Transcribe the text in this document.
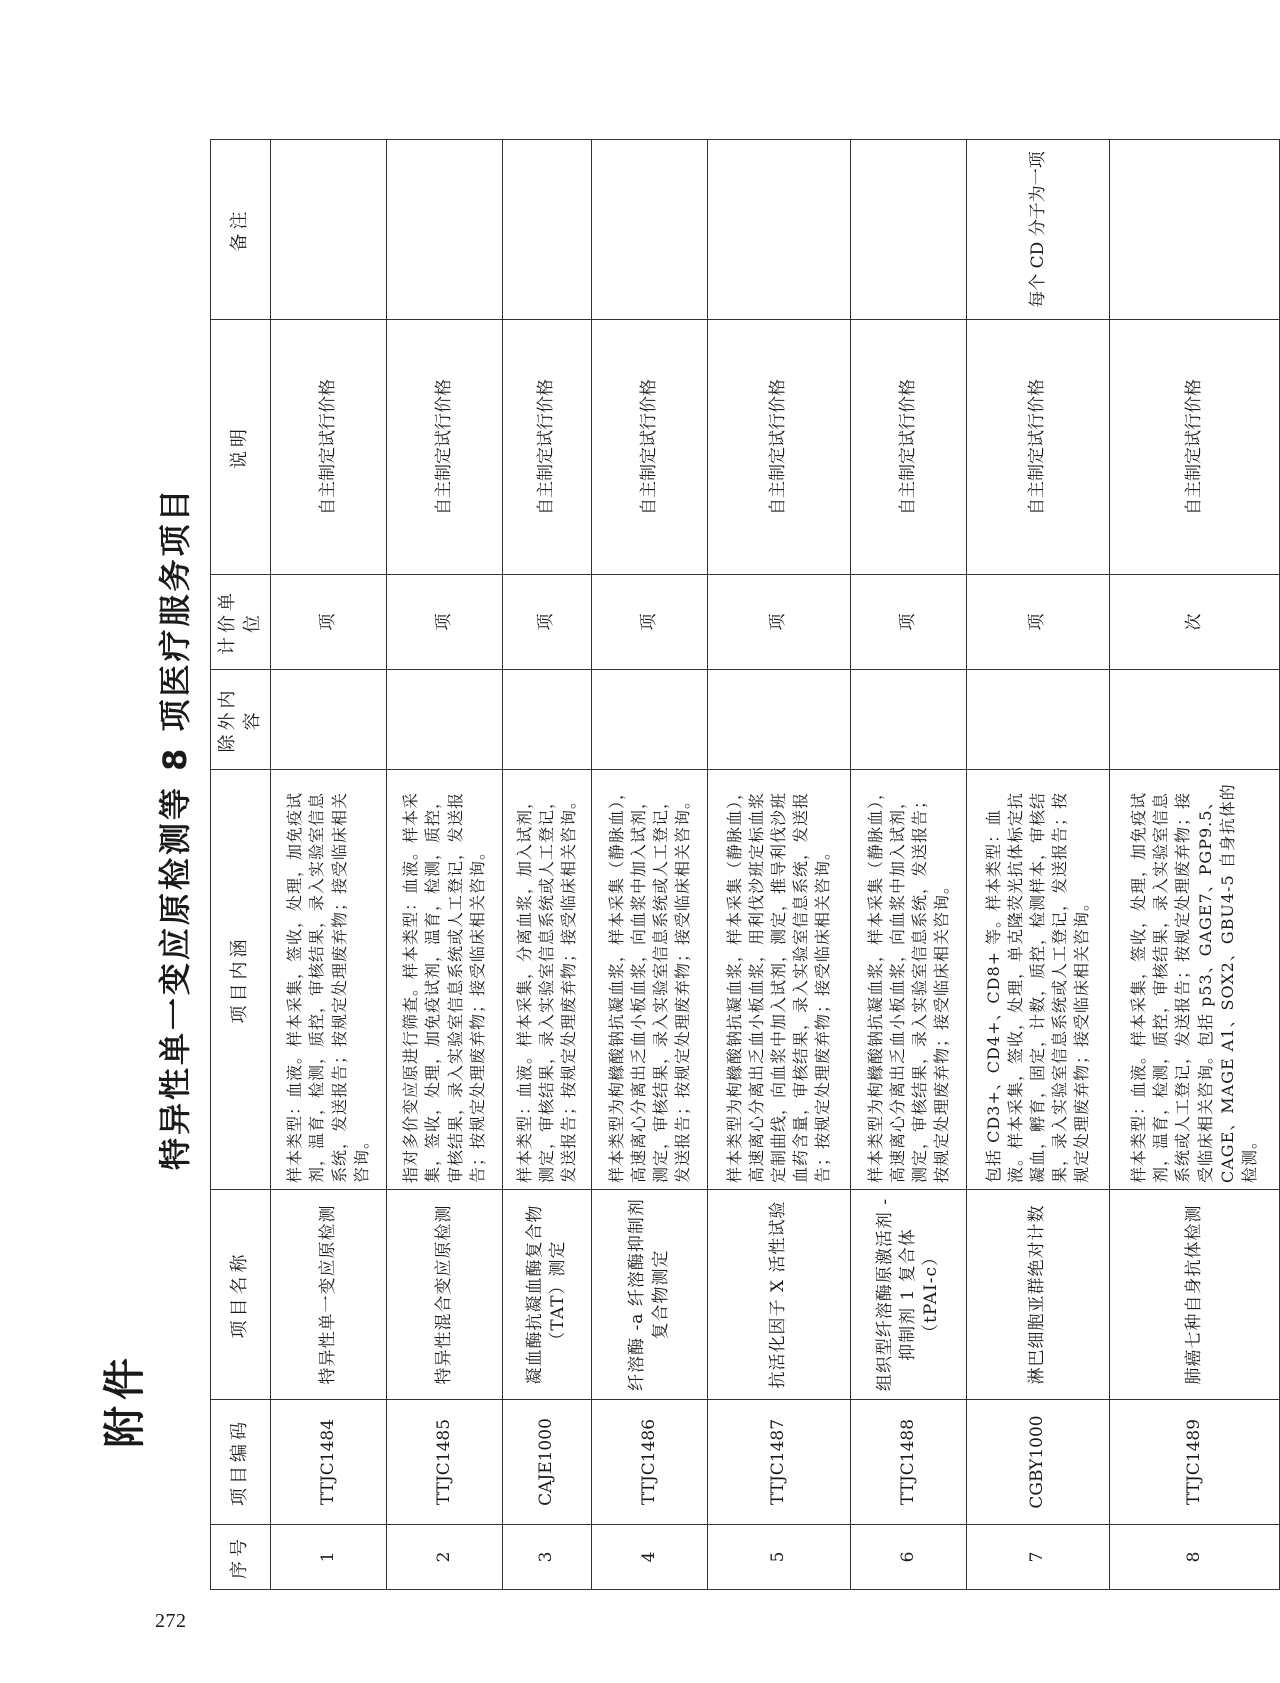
272
附件
特异性单一变应原检测等 8 项医疗服务项目
序号	项目编码	项目名称	项目内涵	除外内容	计价单位	说明	备注
1	TTJC1484	特异性单一变应原检测	样本类型：血液。样本采集，签收，处理，加免疫试剂，温育，检测，质控，审核结果，录入实验室信息系统，发送报告；按规定处理废弃物；接受临床相关咨询。		项	自主制定试行价格	
2	TTJC1485	特异性混合变应原检测	指对多价变应原进行筛查。样本类型：血液。样本采集，签收，处理，加免疫试剂，温育，检测，质控，审核结果，录入实验室信息系统或人工登记，发送报告；按规定处理废弃物；接受临床相关咨询。		项	自主制定试行价格	
3	CAJE1000	凝血酶抗凝血酶复合物（TAT）测定	样本类型：血液。样本采集，分离血浆，加入试剂，测定，审核结果，录入实验室信息系统或人工登记，发送报告；按规定处理废弃物；接受临床相关咨询。		项	自主制定试行价格	
4	TTJC1486	纤溶酶 -a 纤溶酶抑制剂复合物测定	样本类型为枸橼酸钠抗凝血浆，样本采集（静脉血），高速离心分离出乏血小板血浆，向血浆中加入试剂，测定，审核结果，录入实验室信息系统或人工登记，发送报告；按规定处理废弃物；接受临床相关咨询。		项	自主制定试行价格	
5	TTJC1487	抗活化因子 X 活性试验	样本类型为枸橼酸钠抗凝血浆，样本采集（静脉血），高速离心分离出乏血小板血浆，用利伐沙班定标血浆定制曲线，向血浆中加入试剂，测定，推导利伐沙班血药含量，审核结果，录入实验室信息系统，发送报告；按规定处理废弃物；接受临床相关咨询。		项	自主制定试行价格	
6	TTJC1488	组织型纤溶酶原激活剂 - 抑制剂 1 复合体（tPAI-c）	样本类型为枸橼酸钠抗凝血浆，样本采集（静脉血），高速离心分离出乏血小板血浆，向血浆中加入试剂，测定，审核结果，录入实验室信息系统，发送报告；按规定处理废弃物；接受临床相关咨询。		项	自主制定试行价格	
7	CGBY1000	淋巴细胞亚群绝对计数	包括 CD3+、CD4+、CD8+ 等。样本类型：血液。样本采集，签收，处理，单克隆荧光抗体标定抗凝血，孵育，固定，计数，质控，检测样本，审核结果，录入实验室信息系统或人工登记，发送报告；按规定处理废弃物；接受临床相关咨询。		项	自主制定试行价格	每个 CD 分子为一项
8	TTJC1489	肺癌七种自身抗体检测	样本类型：血液。样本采集，签收，处理，加免疫试剂，温育，检测，质控，审核结果，录入实验室信息系统或人工登记，发送报告；按规定处理废弃物；接受临床相关咨询。包括 p53、GAGE7、PGP9.5、CAGE、MAGE A1、SOX2、GBU4-5 自身抗体的检测。		次	自主制定试行价格	
